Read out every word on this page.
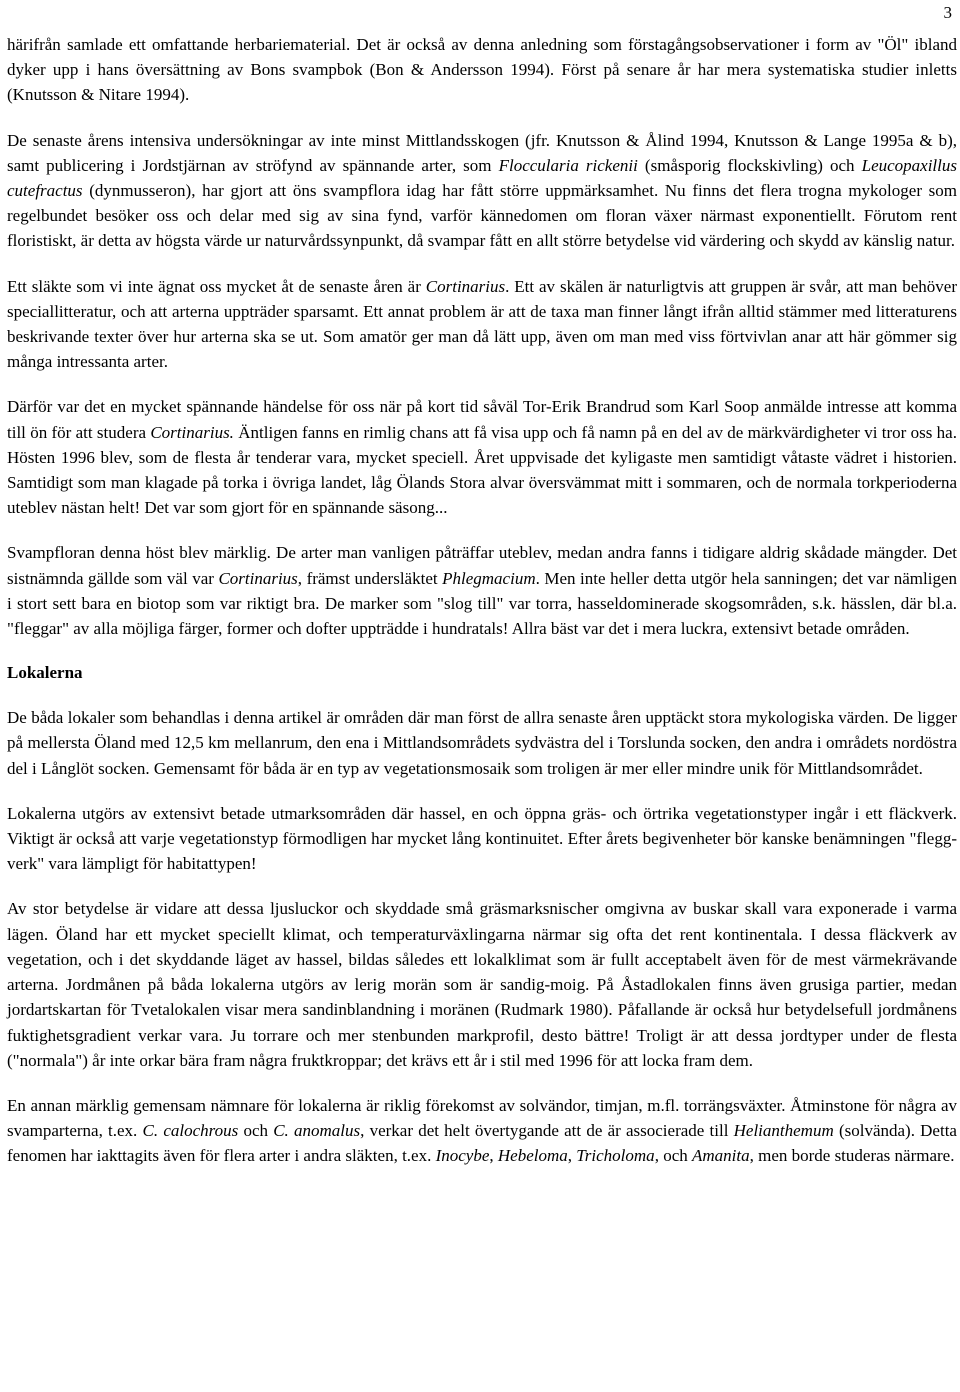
3

härifrån samlade ett omfattande herbariematerial. Det är också av denna anledning som förstagångsobservationer i form av "Öl" ibland dyker upp i hans översättning av Bons svampbok (Bon & Andersson 1994). Först på senare år har mera systematiska studier inletts (Knutsson & Nitare 1994).

De senaste årens intensiva undersökningar av inte minst Mittlandsskogen (jfr. Knutsson & Ålind 1994, Knutsson & Lange 1995a & b), samt publicering i Jordstjärnan av ströfynd av spännande arter, som Floccularia rickenii (småsporig flockskivling) och Leucopaxillus cutefractus (dynmusseron), har gjort att öns svampflora idag har fått större uppmärksamhet. Nu finns det flera trogna mykologer som regelbundet besöker oss och delar med sig av sina fynd, varför kännedomen om floran växer närmast exponentiellt. Förutom rent floristiskt, är detta av högsta värde ur naturvårdssynpunkt, då svampar fått en allt större betydelse vid värdering och skydd av känslig natur.

Ett släkte som vi inte ägnat oss mycket åt de senaste åren är Cortinarius. Ett av skälen är naturligtvis att gruppen är svår, att man behöver speciallitteratur, och att arterna uppträder sparsamt. Ett annat problem är att de taxa man finner långt ifrån alltid stämmer med litteraturens beskrivande texter över hur arterna ska se ut. Som amatör ger man då lätt upp, även om man med viss förtvivlan anar att här gömmer sig många intressanta arter.

Därför var det en mycket spännande händelse för oss när på kort tid såväl Tor-Erik Brandrud som Karl Soop anmälde intresse att komma till ön för att studera Cortinarius. Äntligen fanns en rimlig chans att få visa upp och få namn på en del av de märkvärdigheter vi tror oss ha. Hösten 1996 blev, som de flesta år tenderar vara, mycket speciell. Året uppvisade det kyligaste men samtidigt våtaste vädret i historien. Samtidigt som man klagade på torka i övriga landet, låg Ölands Stora alvar översvämmat mitt i sommaren, och de normala torkperioderna uteblev nästan helt! Det var som gjort för en spännande säsong...

Svampfloran denna höst blev märklig. De arter man vanligen påträffar uteblev, medan andra fanns i tidigare aldrig skådade mängder. Det sistnämnda gällde som väl var Cortinarius, främst undersläktet Phlegmacium. Men inte heller detta utgör hela sanningen; det var nämligen i stort sett bara en biotop som var riktigt bra. De marker som "slog till" var torra, hasseldominerade skogsområden, s.k. hässlen, där bl.a. "fleggar" av alla möjliga färger, former och dofter uppträdde i hundratals! Allra bäst var det i mera luckra, extensivt betade områden.

Lokalerna

De båda lokaler som behandlas i denna artikel är områden där man först de allra senaste åren upptäckt stora mykologiska värden. De ligger på mellersta Öland med 12,5 km mellanrum, den ena i Mittlandsområdets sydvästra del i Torslunda socken, den andra i områdets nordöstra del i Långlöt socken. Gemensamt för båda är en typ av vegetationsmosaik som troligen är mer eller mindre unik för Mittlandsområdet.

Lokalerna utgörs av extensivt betade utmarksområden där hassel, en och öppna gräs- och örtrika vegetationstyper ingår i ett fläckverk. Viktigt är också att varje vegetationstyp förmodligen har mycket lång kontinuitet. Efter årets begivenheter bör kanske benämningen "flegg-verk" vara lämpligt för habitattypen!

Av stor betydelse är vidare att dessa ljusluckor och skyddade små gräsmarksnischer omgivna av buskar skall vara exponerade i varma lägen. Öland har ett mycket speciellt klimat, och temperaturväxlingarna närmar sig ofta det rent kontinentala. I dessa fläckverk av vegetation, och i det skyddande läget av hassel, bildas således ett lokalklimat som är fullt acceptabelt även för de mest värmekrävande arterna. Jordmånen på båda lokalerna utgörs av lerig morän som är sandig-moig. På Åstadlokalen finns även grusiga partier, medan jordartskartan för Tvetalokalen visar mera sandinblandning i moränen (Rudmark 1980). Påfallande är också hur betydelsefull jordmånens fuktighetsgradient verkar vara. Ju torrare och mer stenbunden markprofil, desto bättre! Troligt är att dessa jordtyper under de flesta ("normala") år inte orkar bära fram några fruktkroppar; det krävs ett år i stil med 1996 för att locka fram dem.

En annan märklig gemensam nämnare för lokalerna är riklig förekomst av solvändor, timjan, m.fl. torrängsväxter. Åtminstone för några av svamparterna, t.ex. C. calochrous och C. anomalus, verkar det helt övertygande att de är associerade till Helianthemum (solvända). Detta fenomen har iakttagits även för flera arter i andra släkten, t.ex. Inocybe, Hebeloma, Tricholoma, och Amanita, men borde studeras närmare.
